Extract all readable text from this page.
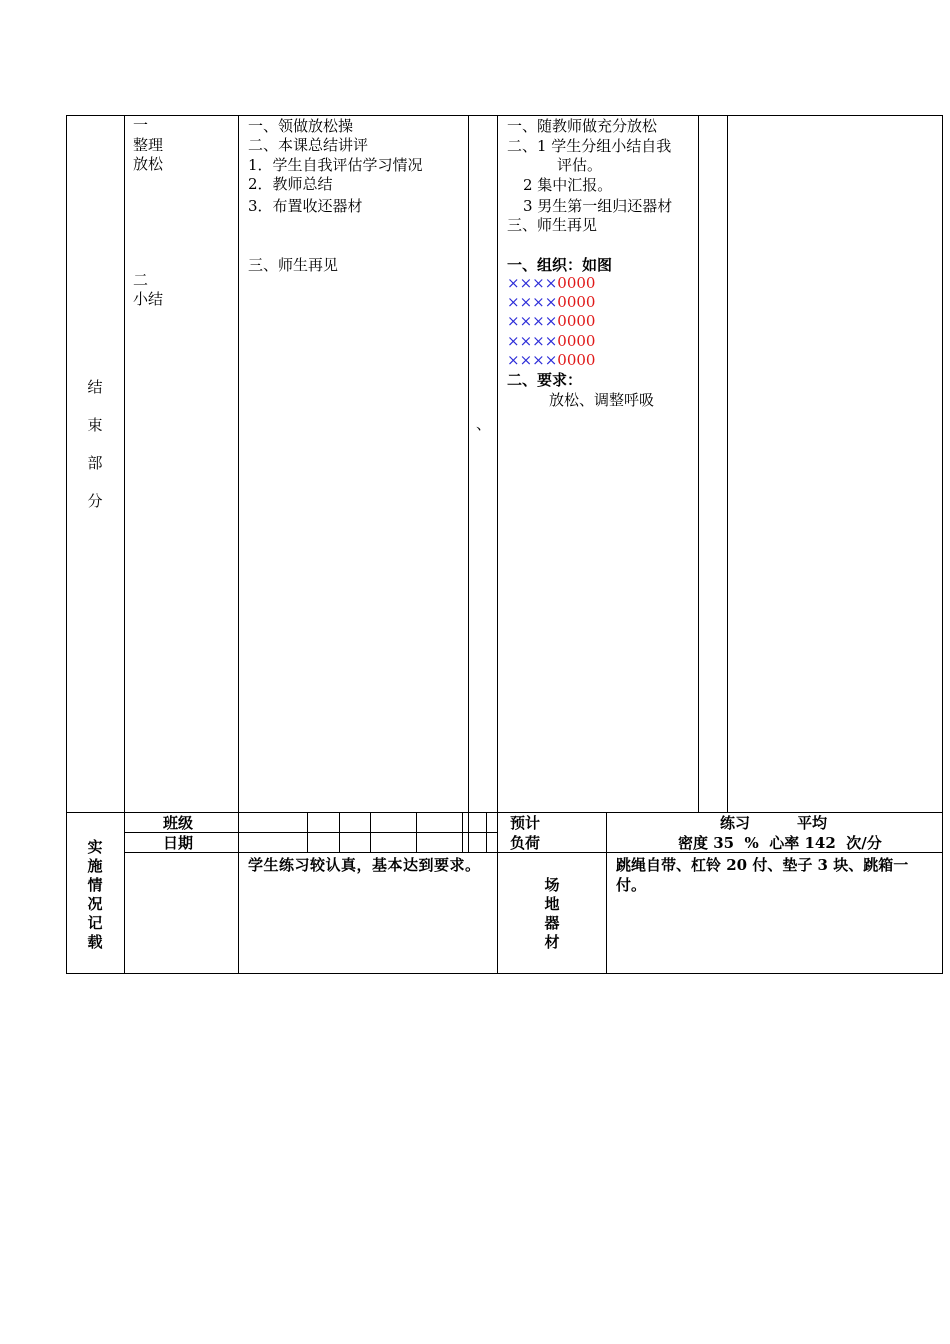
结

束

部

分
一
整理
放松
二
小结
一、领做放松操
二、本课总结讲评
1．学生自我评估学习情况
2．教师总结
3．布置收还器材
三、师生再见
、
一、随教师做充分放松
二、1 学生分组小结自我
评估。
2 集中汇报。
3 男生第一组归还器材
三、师生再见
一、组织：如图
××××0000
××××0000
××××0000
××××0000
××××0000
二、要求：
放松、调整呼吸
实
施
情
况
记
载
班级
日期
预计
负荷
练习	平均
密度 35  %  心率 142  次/分
学生练习较认真，基本达到要求。
场
地
器
材
跳绳自带、杠铃 20 付、垫子 3 块、跳箱一付。
